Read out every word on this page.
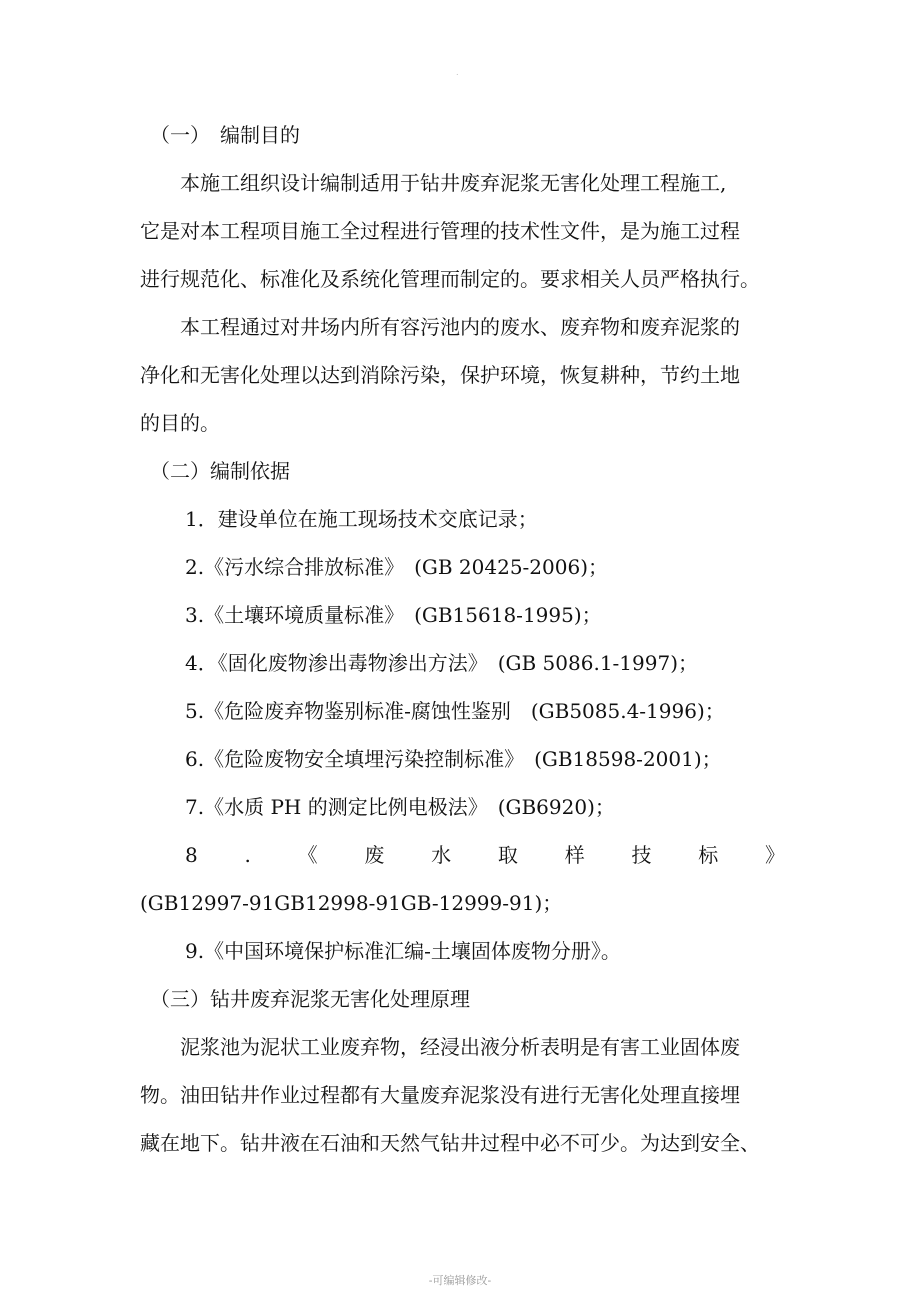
.
（一）　编制目的
本施工组织设计编制适用于钻井废弃泥浆无害化处理工程施工,
它是对本工程项目施工全过程进行管理的技术性文件，是为施工过程
进行规范化、标准化及系统化管理而制定的。要求相关人员严格执行。
本工程通过对井场内所有容污池内的废水、废弃物和废弃泥浆的
净化和无害化处理以达到消除污染，保护环境，恢复耕种，节约土地
的目的。
（二）编制依据
1．建设单位在施工现场技术交底记录；
2.《污水综合排放标准》　(GB 20425-2006)；
3.《土壤环境质量标准》　(GB15618-1995)；
4．《固化废物渗出毒物渗出方法》　(GB 5086.1-1997)；
5.《危险废弃物鉴别标准-腐蚀性鉴别　(GB5085.4-1996)；
6.《危险废物安全填埋污染控制标准》　(GB18598-2001)；
7.《水质 PH 的测定比例电极法》　(GB6920)；
8 . 《 废 水 取 样 技 标 》
(GB12997-91GB12998-91GB-12999-91)；
9.《中国环境保护标准汇编-土壤固体废物分册》。
（三）钻井废弃泥浆无害化处理原理
泥浆池为泥状工业废弃物，经浸出液分析表明是有害工业固体废
物。油田钻井作业过程都有大量废弃泥浆没有进行无害化处理直接埋
藏在地下。钻井液在石油和天然气钻井过程中必不可少。为达到安全、
-可编辑修改-
